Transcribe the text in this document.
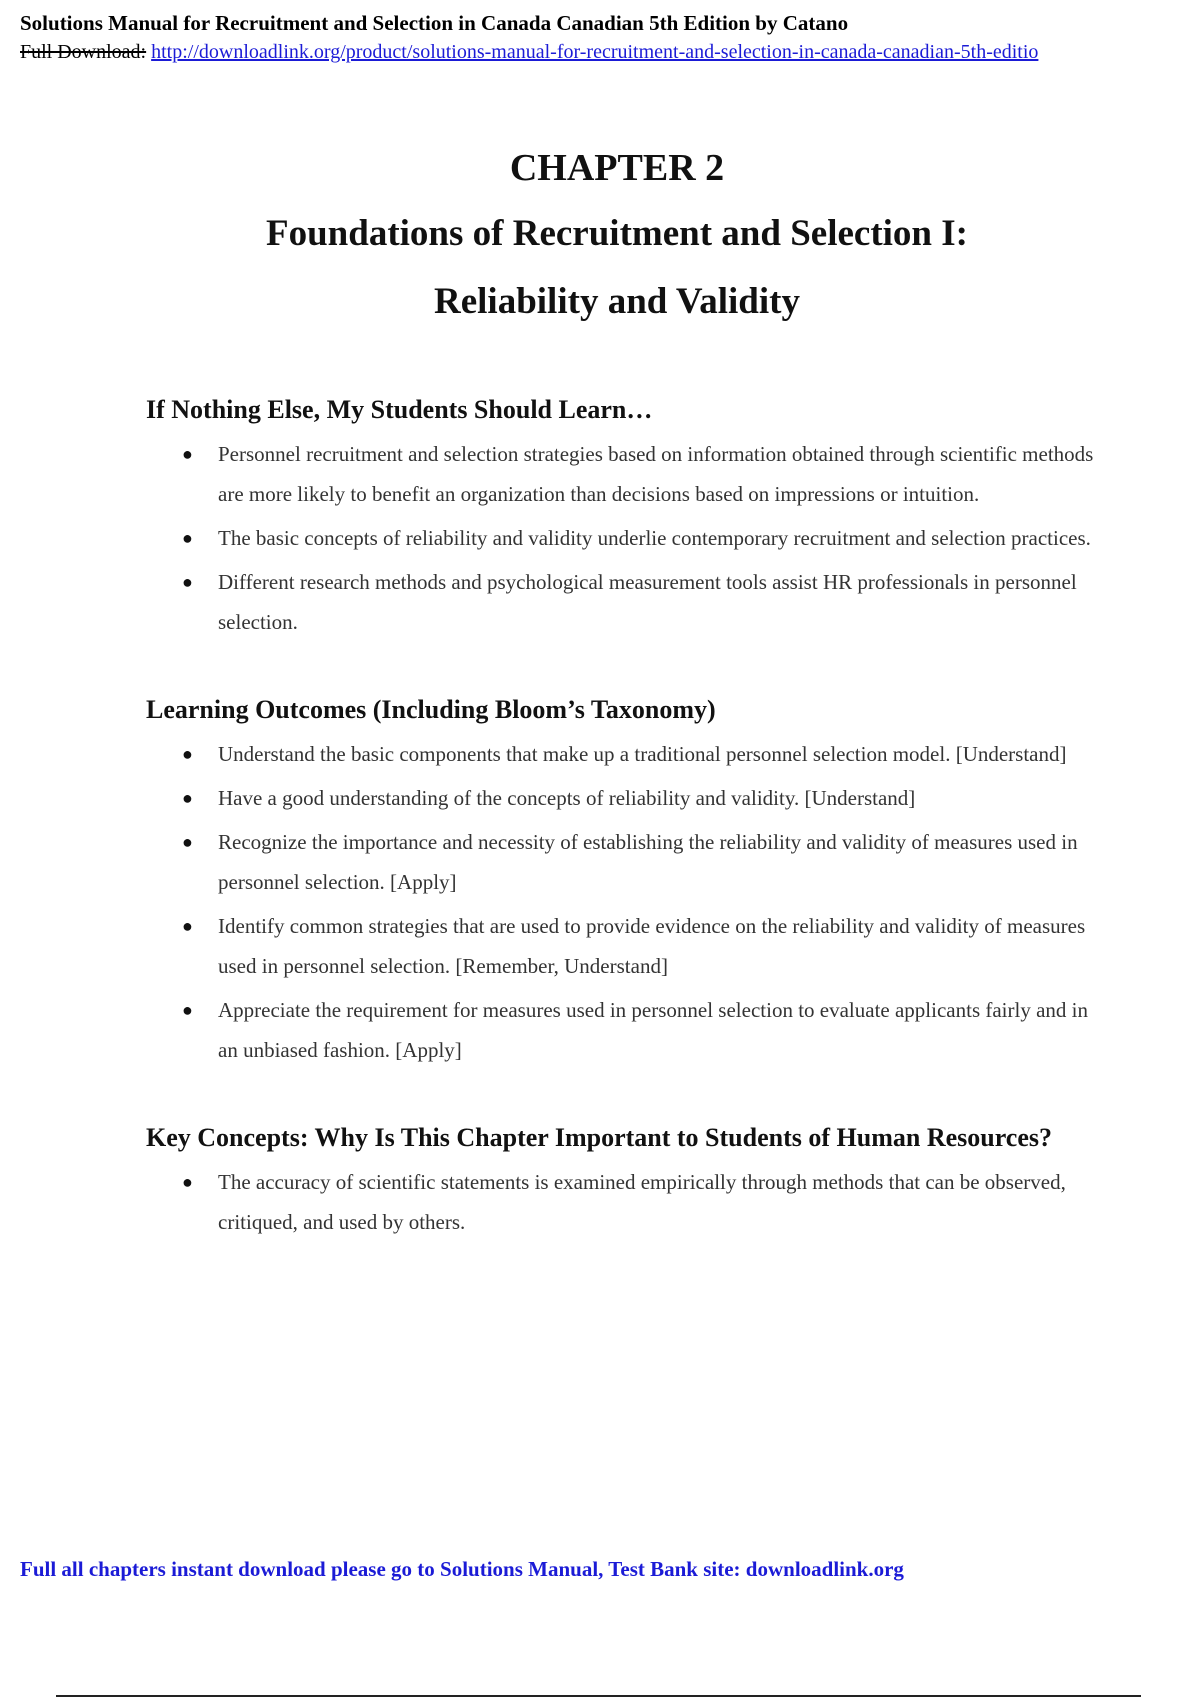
Solutions Manual for Recruitment and Selection in Canada Canadian 5th Edition by Catano
Full Download: http://downloadlink.org/product/solutions-manual-for-recruitment-and-selection-in-canada-canadian-5th-editio
CHAPTER 2
Foundations of Recruitment and Selection I:
Reliability and Validity
If Nothing Else, My Students Should Learn…
● Personnel recruitment and selection strategies based on information obtained through scientific methods are more likely to benefit an organization than decisions based on impressions or intuition.
● The basic concepts of reliability and validity underlie contemporary recruitment and selection practices.
● Different research methods and psychological measurement tools assist HR professionals in personnel selection.
Learning Outcomes (Including Bloom’s Taxonomy)
● Understand the basic components that make up a traditional personnel selection model. [Understand]
● Have a good understanding of the concepts of reliability and validity. [Understand]
● Recognize the importance and necessity of establishing the reliability and validity of measures used in personnel selection. [Apply]
● Identify common strategies that are used to provide evidence on the reliability and validity of measures used in personnel selection. [Remember, Understand]
● Appreciate the requirement for measures used in personnel selection to evaluate applicants fairly and in an unbiased fashion. [Apply]
Key Concepts: Why Is This Chapter Important to Students of Human Resources?
● The accuracy of scientific statements is examined empirically through methods that can be observed, critiqued, and used by others.
Full all chapters instant download please go to Solutions Manual, Test Bank site: downloadlink.org
